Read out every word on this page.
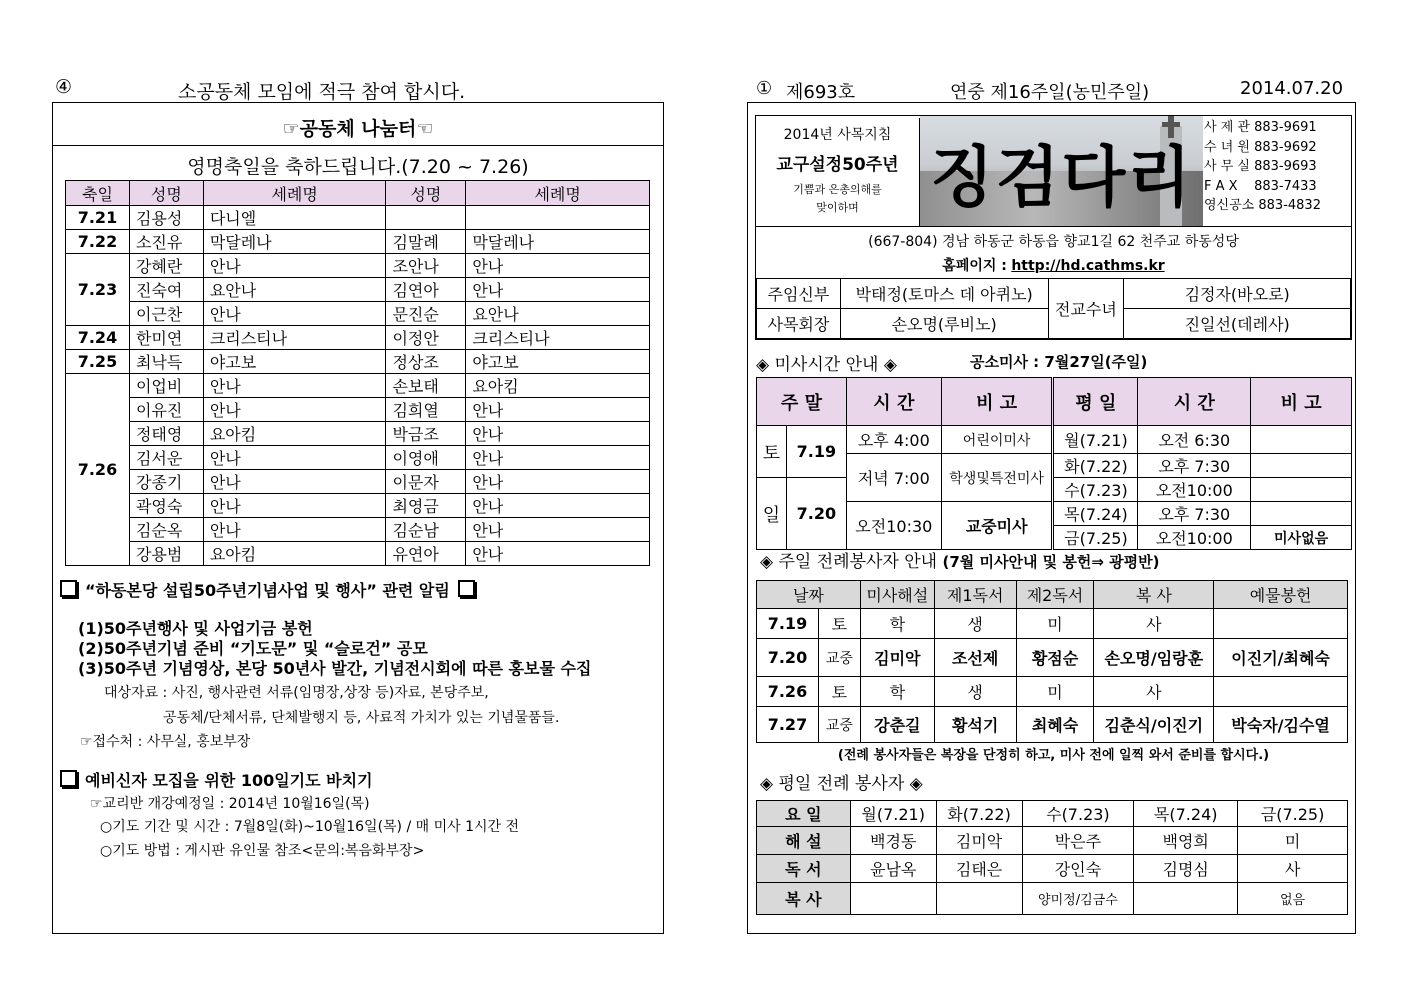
④	소공동체 모임에 적극 참여 합시다.
☞공동체 나눔터☜
영명축일을 축하드립니다.(7.20 ~ 7.26)
축일	성명	세례명	성명	세례명
7.21	김용성	다니엘		
7.22	소진유	막달레나	김말례	막달레나
7.23	강혜란	안나	조안나	안나
	진숙여	요안나	김연아	안나
	이근찬	안나	문진순	요안나
7.24	한미연	크리스티나	이정안	크리스티나
7.25	최낙득	야고보	정상조	야고보
7.26	이업비	안나	손보태	요아킴
	이유진	안나	김희열	안나
	정태영	요아킴	박금조	안나
	김서운	안나	이영애	안나
	강종기	안나	이문자	안나
	곽영숙	안나	최영금	안나
	김순옥	안나	김순남	안나
	강용범	요아킴	유연아	안나
“하동본당 설립50주년기념사업 및 행사” 관련 알림
(1)50주년행사 및 사업기금 봉헌
(2)50주년기념 준비 “기도문” 및 “슬로건” 공모
(3)50주년 기념영상, 본당 50년사 발간, 기념전시회에 따른 홍보물 수집
대상자료 : 사진, 행사관련 서류(임명장,상장 등)자료, 본당주보,
공동체/단체서류, 단체발행지 등, 사료적 가치가 있는 기념물품들.
☞접수처 : 사무실, 홍보부장
예비신자 모집을 위한 100일기도 바치기
☞교리반 개강예정일 : 2014년 10월16일(목)
○기도 기간 및 시간 : 7월8일(화)~10월16일(목) / 매 미사 1시간 전
○기도 방법 : 게시판 유인물 참조<문의:복음화부장>
① 제693호	연중 제16주일(농민주일)	2014.07.20
2014년 사목지침
교구설정50주년
기쁨과 은총의해를
맞이하며	징검다리
사 제 관 883-9691
수 녀 원 883-9692
사 무 실 883-9693
F A X 883-7433
영신공소 883-4832
(667-804) 경남 하동군 하동읍 향교1길 62 천주교 하동성당
홈페이지 : http://hd.cathms.kr
주임신부	박태정(토마스 데 아퀴노)	전교수녀	김정자(바오로)
사목회장	손오명(루비노)		진일선(데레사)
◈ 미사시간 안내 ◈	공소미사 : 7월27일(주일)
주 말		시 간	비 고	평 일	시 간	비 고
토	7.19	오후 4:00	어린이미사	월(7.21)	오전 6:30	
		저녁 7:00	학생및특전미사	화(7.22)	오후 7:30	
일	7.20			수(7.23)	오전10:00	
		오전10:30	교중미사	목(7.24)	오후 7:30	
				금(7.25)	오전10:00	미사없음
◈ 주일 전례봉사자 안내 (7월 미사안내 및 봉헌⇒ 광평반)
날짜		미사해설	제1독서	제2독서	복 사	예물봉헌
7.19	토	학	생	미	사	
7.20	교중	김미악	조선제	황점순	손오명/임랑훈	이진기/최혜숙
7.26	토	학	생	미	사	
7.27	교중	강춘길	황석기	최혜숙	김춘식/이진기	박숙자/김수열
(전례 봉사자들은 복장을 단정히 하고, 미사 전에 일찍 와서 준비를 합시다.)
◈ 평일 전례 봉사자 ◈
요 일	월(7.21)	화(7.22)	수(7.23)	목(7.24)	금(7.25)
해 설	백경동	김미악	박은주	백영희	미
독 서	윤남옥	김태은	강인숙	김명심	사
복 사			양미정/김금수		없음
